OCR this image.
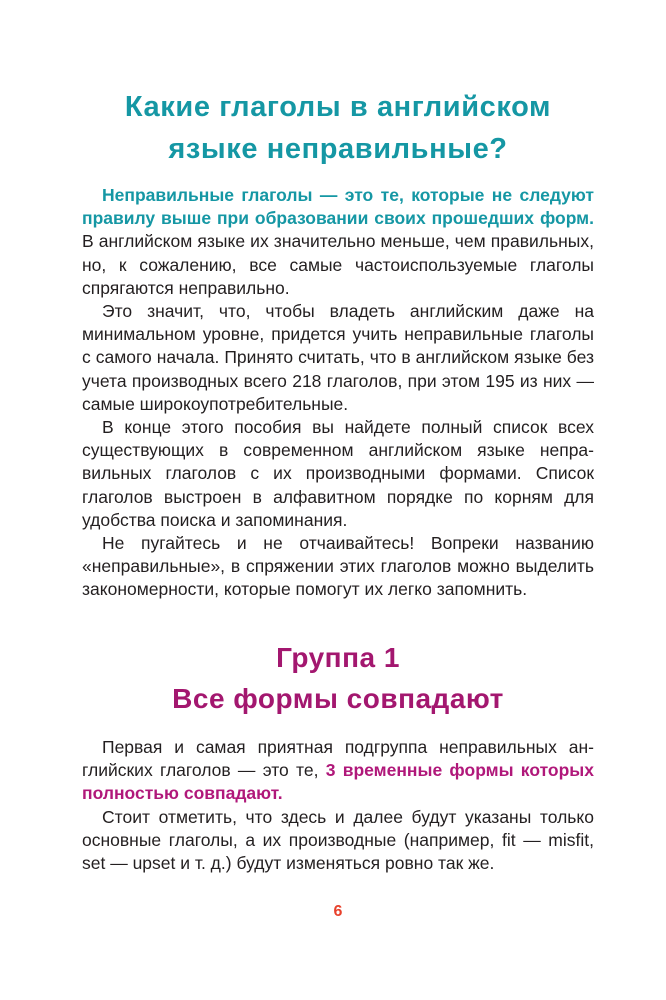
Какие глаголы в английском языке неправильные?

Неправильные глаголы — это те, которые не следуют правилу выше при образовании своих прошедших форм. В английском языке их значительно меньше, чем правильных, но, к сожалению, все самые частоиспользуемые глаголы спрягаются неправильно.

Это значит, что, чтобы владеть английским даже на минимальном уровне, придется учить неправильные глаголы с самого начала. Принято считать, что в английском языке без учета производных всего 218 глаголов, при этом 195 из них — самые широкоупотребительные.

В конце этого пособия вы найдете полный список всех существующих в современном английском языке неправильных глаголов с их производными формами. Список глаголов выстроен в алфавитном порядке по корням для удобства поиска и запоминания.

Не пугайтесь и не отчаивайтесь! Вопреки названию «неправильные», в спряжении этих глаголов можно выделить закономерности, которые помогут их легко запомнить.

Группа 1
Все формы совпадают

Первая и самая приятная подгруппа неправильных английских глаголов — это те, 3 временные формы которых полностью совпадают.

Стоит отметить, что здесь и далее будут указаны только основные глаголы, а их производные (например, fit — misfit, set — upset и т. д.) будут изменяться ровно так же.

6
